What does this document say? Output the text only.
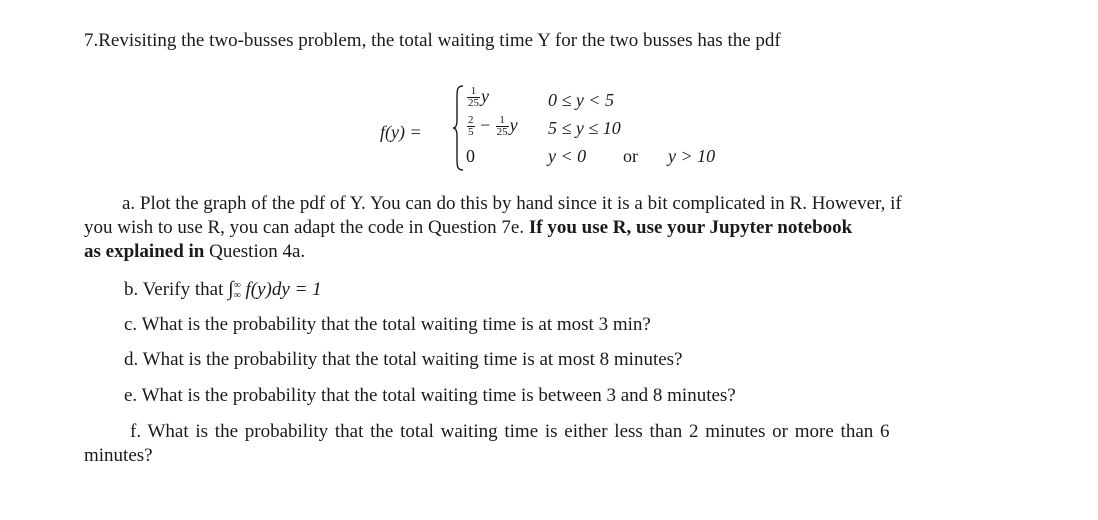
7.Revisiting the two-busses problem, the total waiting time Y for the two busses has the pdf
f(y) =
$\frac{1}{25}$ y	0 ≤ y < 5
$\frac{2}{5} - \frac{1}{25}$ y 5 ≤ y ≤ 10
0	y < 0 or y > 10
a. Plot the graph of the pdf of Y. You can do this by hand since it is a bit complicated in R. However, if
you wish to use R, you can adapt the code in Question 7e. If you use R, use your Jupyter notebook
as explained in Question 4a.
b. Verify that ∫ ∞
∞ f(y)dy = 1
c. What is the probability that the total waiting time is at most 3 min?
d. What is the probability that the total waiting time is at most 8 minutes?
e. What is the probability that the total waiting time is between 3 and 8 minutes?
f. What is the probability that the total waiting time is either less than 2 minutes or more than 6
minutes?
